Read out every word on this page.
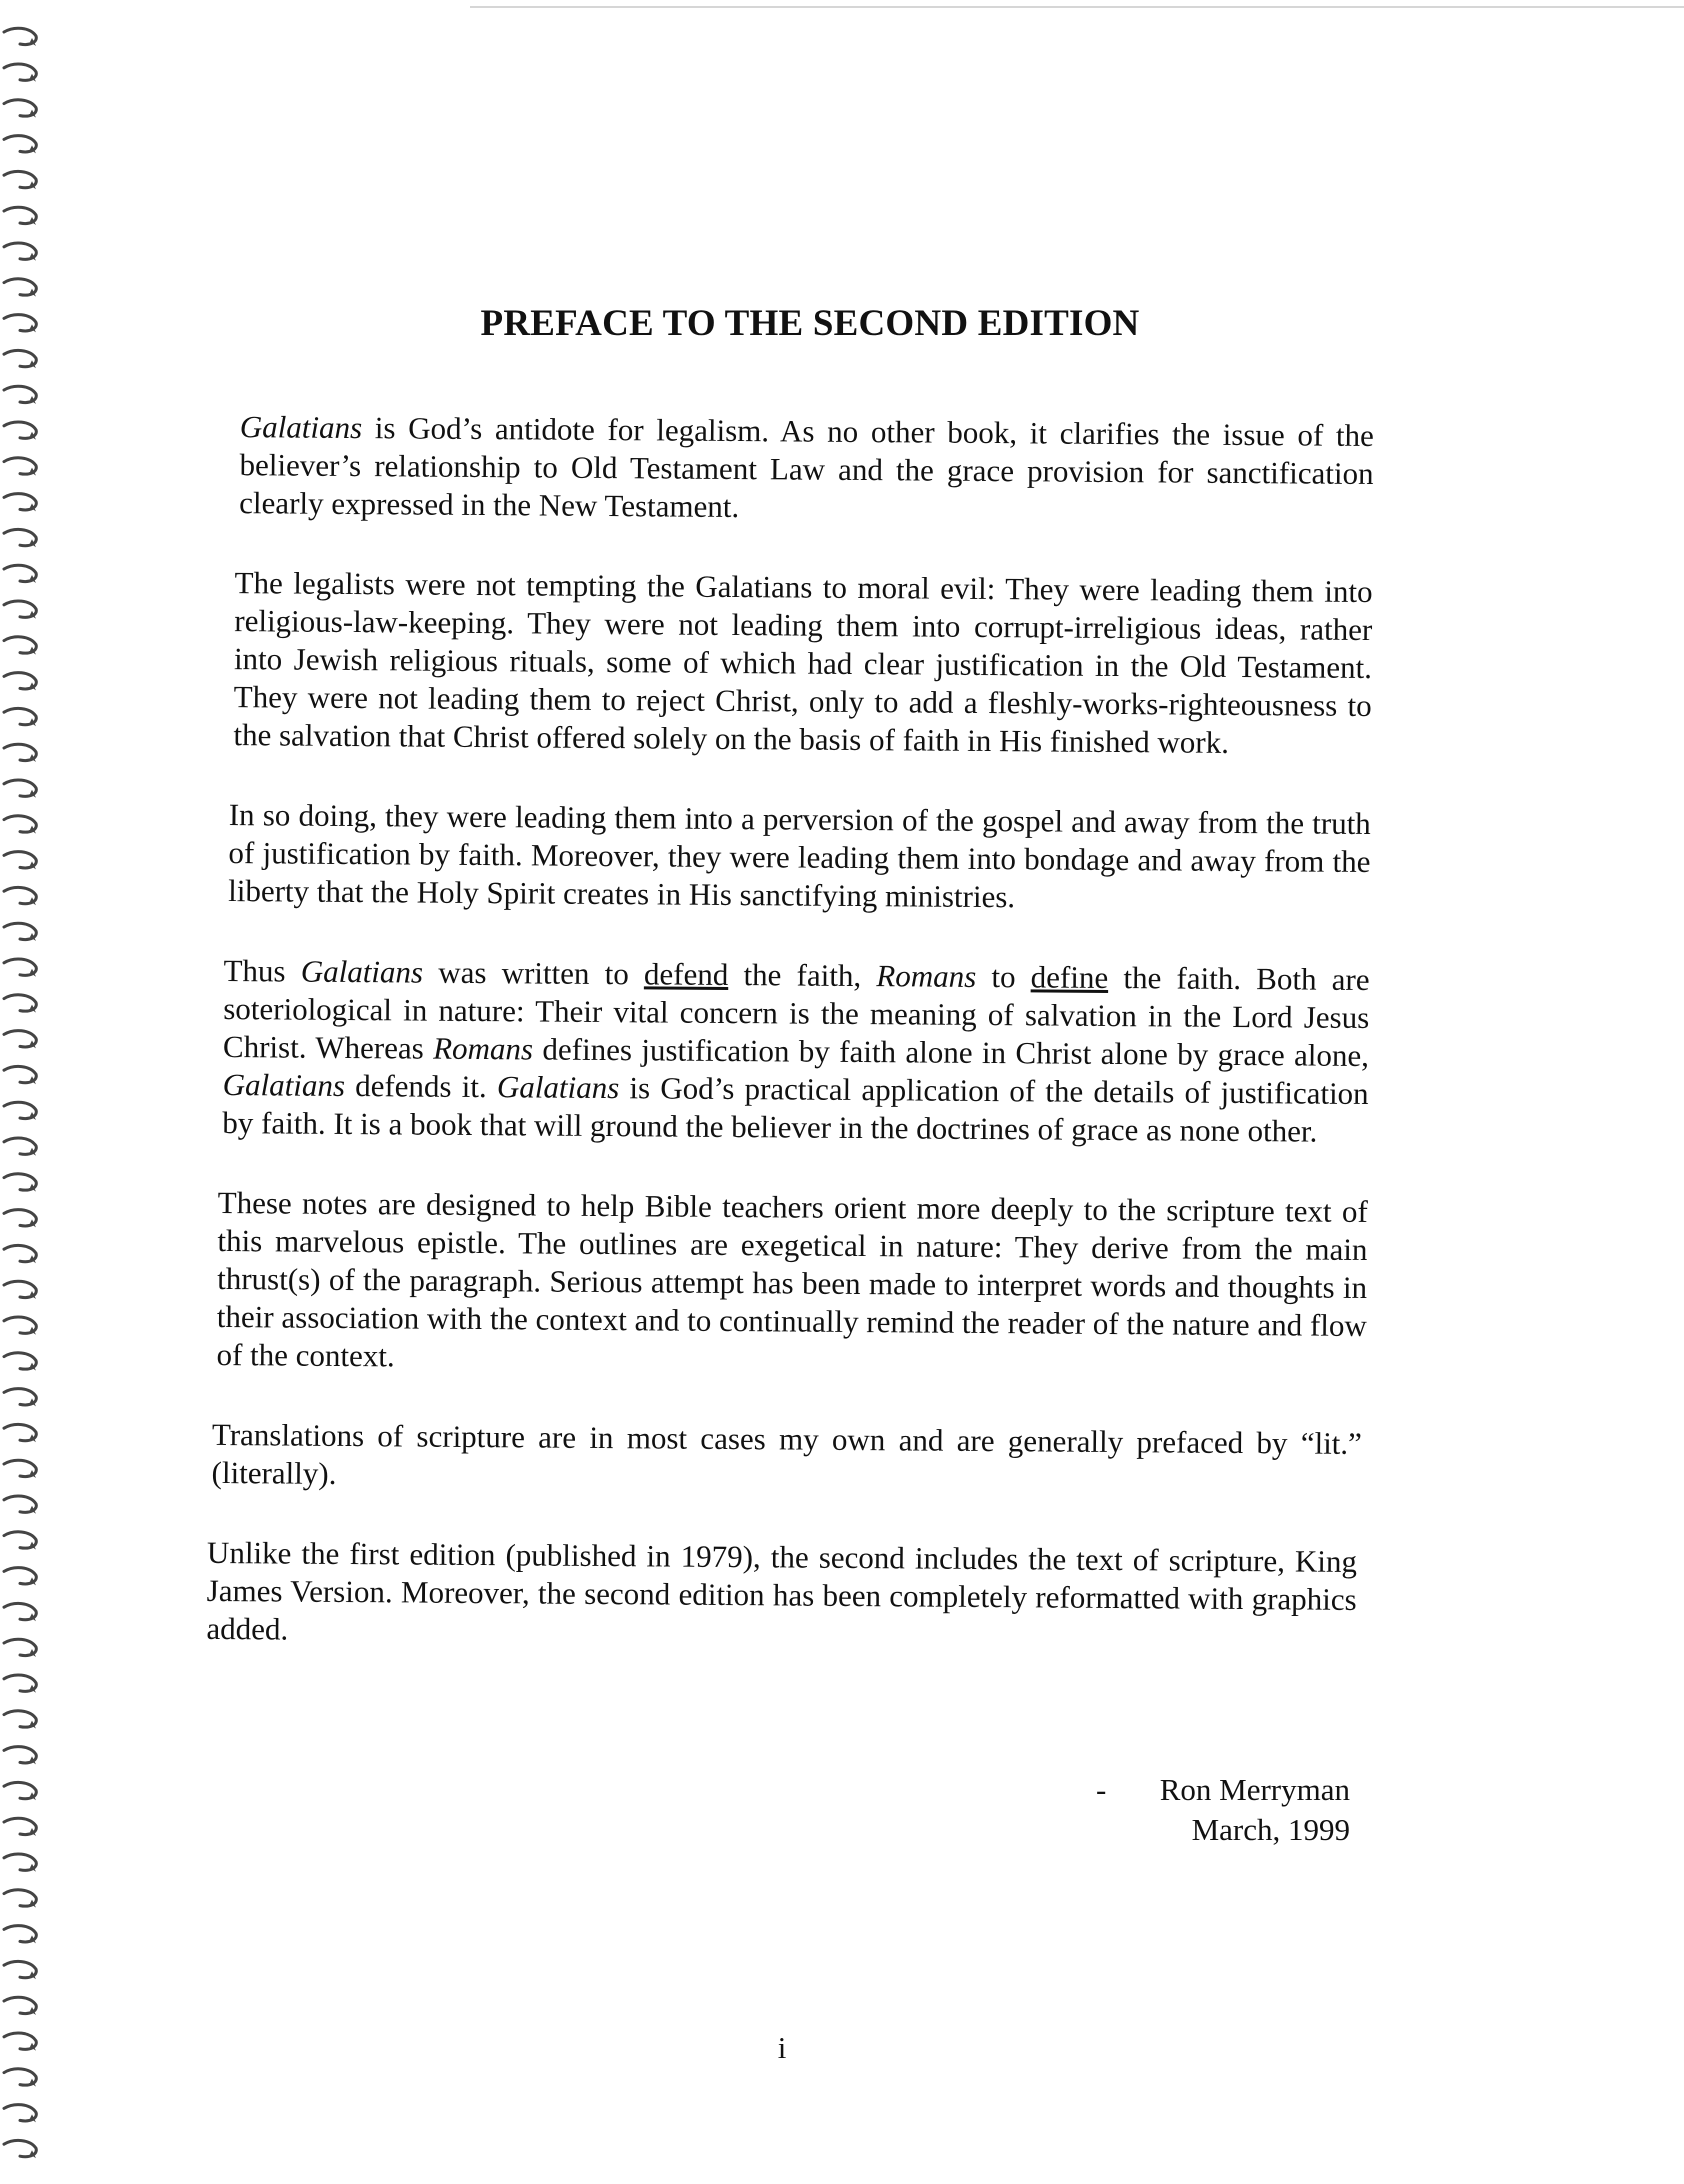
PREFACE TO THE SECOND EDITION

Galatians is God’s antidote for legalism. As no other book, it clarifies the issue of the believer’s relationship to Old Testament Law and the grace provision for sanctification clearly expressed in the New Testament.

The legalists were not tempting the Galatians to moral evil: They were leading them into religious-law-keeping. They were not leading them into corrupt-irreligious ideas, rather into Jewish religious rituals, some of which had clear justification in the Old Testament. They were not leading them to reject Christ, only to add a fleshly-works-righteousness to the salvation that Christ offered solely on the basis of faith in His finished work.

In so doing, they were leading them into a perversion of the gospel and away from the truth of justification by faith. Moreover, they were leading them into bondage and away from the liberty that the Holy Spirit creates in His sanctifying ministries.

Thus Galatians was written to defend the faith, Romans to define the faith. Both are soteriological in nature: Their vital concern is the meaning of salvation in the Lord Jesus Christ. Whereas Romans defines justification by faith alone in Christ alone by grace alone, Galatians defends it. Galatians is God’s practical application of the details of justification by faith. It is a book that will ground the believer in the doctrines of grace as none other.

These notes are designed to help Bible teachers orient more deeply to the scripture text of this marvelous epistle. The outlines are exegetical in nature: They derive from the main thrust(s) of the paragraph. Serious attempt has been made to interpret words and thoughts in their association with the context and to continually remind the reader of the nature and flow of the context.

Translations of scripture are in most cases my own and are generally prefaced by “lit.” (literally).

Unlike the first edition (published in 1979), the second includes the text of scripture, King James Version. Moreover, the second edition has been completely reformatted with graphics added.

-	Ron Merryman
March, 1999
i
